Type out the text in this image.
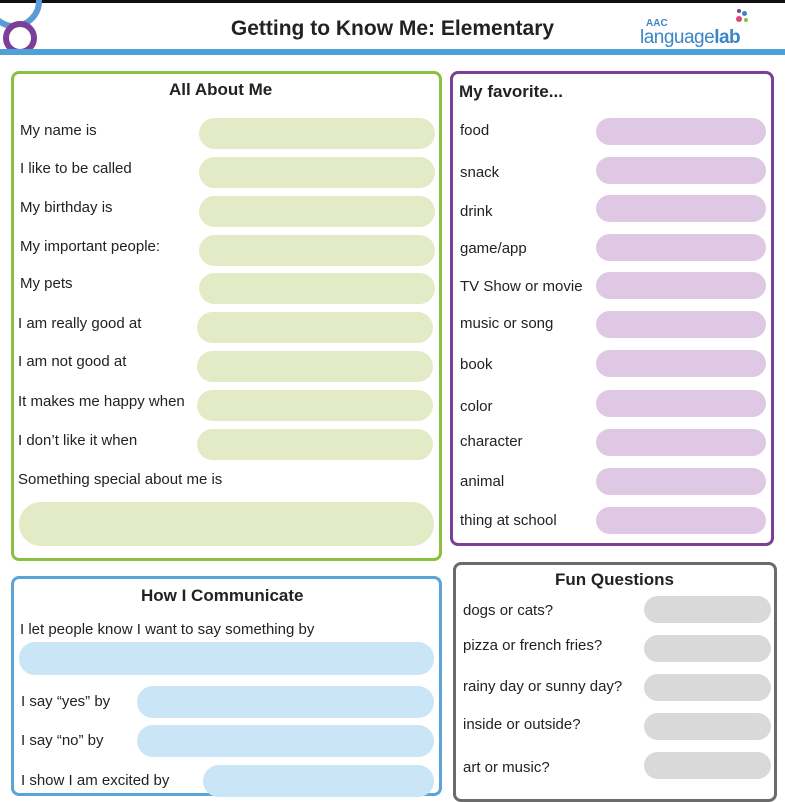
Getting to Know Me: Elementary	AAC
languagelab
All About Me
My name is
I like to be called
My birthday is
My important people:
My pets
I am really good at
I am not good at
It makes me happy when
I don’t like it when
Something special about me is
My favorite...
food
snack
drink
game/app
TV Show or movie
music or song
book
color
character
animal
thing at school
How I Communicate
I let people know I want to say something by
I say “yes” by
I say “no” by
I show I am excited by
Fun Questions
dogs or cats?
pizza or french fries?
rainy day or sunny day?
inside or outside?
art or music?
